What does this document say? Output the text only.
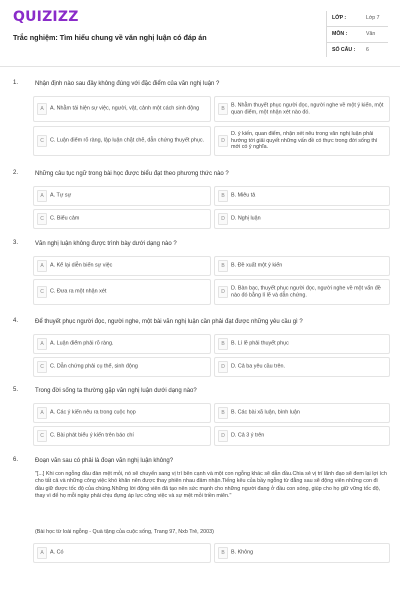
QUIZIZZ
Trắc nghiệm: Tìm hiểu chung về văn nghị luận có đáp án
LỚP :	Lớp 7
MÔN :	Văn
SỐ CÂU : 6
1.	Nhận định nào sau đây không đúng với đặc điểm của văn nghị luận ?
A	A. Nhằm tái hiện sự việc, người, vật, cảnh một cách sinh động	B
B. Nhằm thuyết phục người đọc, người nghe về một ý kiến, một quan điểm, một nhận xét nào đó.
C	C. Luận điểm rõ ràng, lập luận chặt chẽ, dẫn chứng thuyết phục.	D
D. ý kiến, quan điểm, nhận xét nêu trong văn nghị luận phải hướng tới giải quyết những vấn đề có thực trong đời sống thì mới có ý nghĩa.
2.	Những câu tục ngữ trong bài học được biểu đạt theo phương thức nào ?
A	A. Tự sự	B	B. Miêu tả
C	C. Biểu cảm	D	D. Nghị luận
3.	Văn nghị luận không được trình bày dưới dạng nào ?
A	A. Kể lại diễn biến sự việc	B	B. Đề xuất một ý kiến
C	C. Đưa ra một nhận xét	D
D. Bàn bạc, thuyết phục người đọc, người nghe về một vấn đề nào đó bằng lí lẽ và dẫn chứng.
4.	Để thuyết phục người đọc, người nghe, một bài văn nghị luận cần phải đạt được những yêu cầu gì ?
A	A. Luận điểm phải rõ ràng.	B	B. Lí lẽ phải thuyết phục
C	C. Dẫn chứng phải cụ thể, sinh động	D	D. Cả ba yêu cầu trên.
5.	Trong đời sống ta thường gặp văn nghị luận dưới dạng nào?
A	A. Các ý kiến nêu ra trong cuộc họp	B	B. Các bài xã luận, bình luận
C	C. Bài phát biểu ý kiến trên báo chí	D	D. Cả 3 ý trên
6.	Đoạn văn sau có phải là đoạn văn nghị luận không?
"[...] Khi con ngỗng đầu đàn mệt mỏi, nó sẽ chuyển sang vị trí bên cạnh và một con ngỗng khác sẽ dẫn đầu.Chia sẻ vị trí lãnh đạo sẽ đem lại lợi ích cho tất cả và những công việc khó khăn nên được thay phiên nhau đảm nhận.Tiếng kêu của bầy ngỗng từ đằng sau sẽ động viên những con đi đầu giữ được tốc độ của chúng.Những lời động viên đã tạo nên sức mạnh cho những người đang ở đầu con sóng, giúp cho họ giữ vững tốc độ, thay vì để họ mỗi ngày phải chịu đựng áp lực công việc và sự mệt mỏi triền miên."
(Bài học từ loài ngỗng - Quà tặng của cuộc sống, Trang 97, Nxb Trẻ, 2003)
A	A. Có	B	B. Không
